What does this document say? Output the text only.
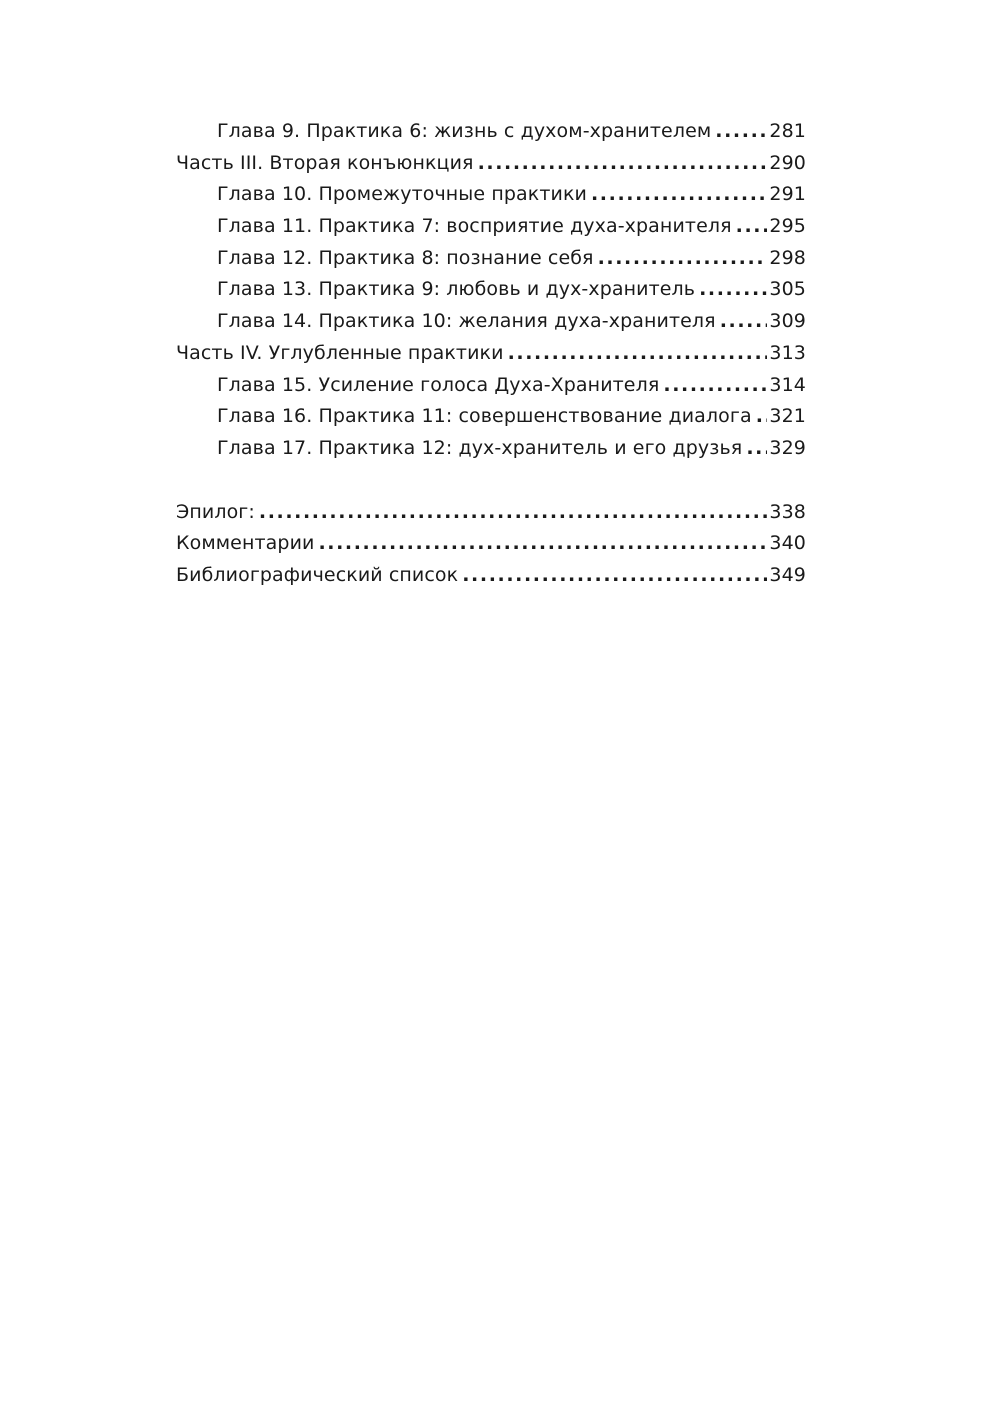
Глава 9. Практика 6: жизнь с духом-хранителем .....	281
Часть III. Вторая конъюнкция .....	290
Глава 10. Промежуточные практики .....	291
Глава 11. Практика 7: восприятие духа-хранителя ..... 295
Глава 12. Практика 8: познание себя .....	298
Глава 13. Практика 9: любовь и дух-хранитель .....	305
Глава 14. Практика 10: желания духа-хранителя .....	309
Часть IV. Углубленные практики .....	313
Глава 15. Усиление голоса Духа-Хранителя .....	314
Глава 16. Практика 11: совершенствование диалога ..... 321
Глава 17. Практика 12: дух-хранитель и его друзья ..... 329
Эпилог: .....	338
Комментарии .....	340
Библиографический список .....	349
